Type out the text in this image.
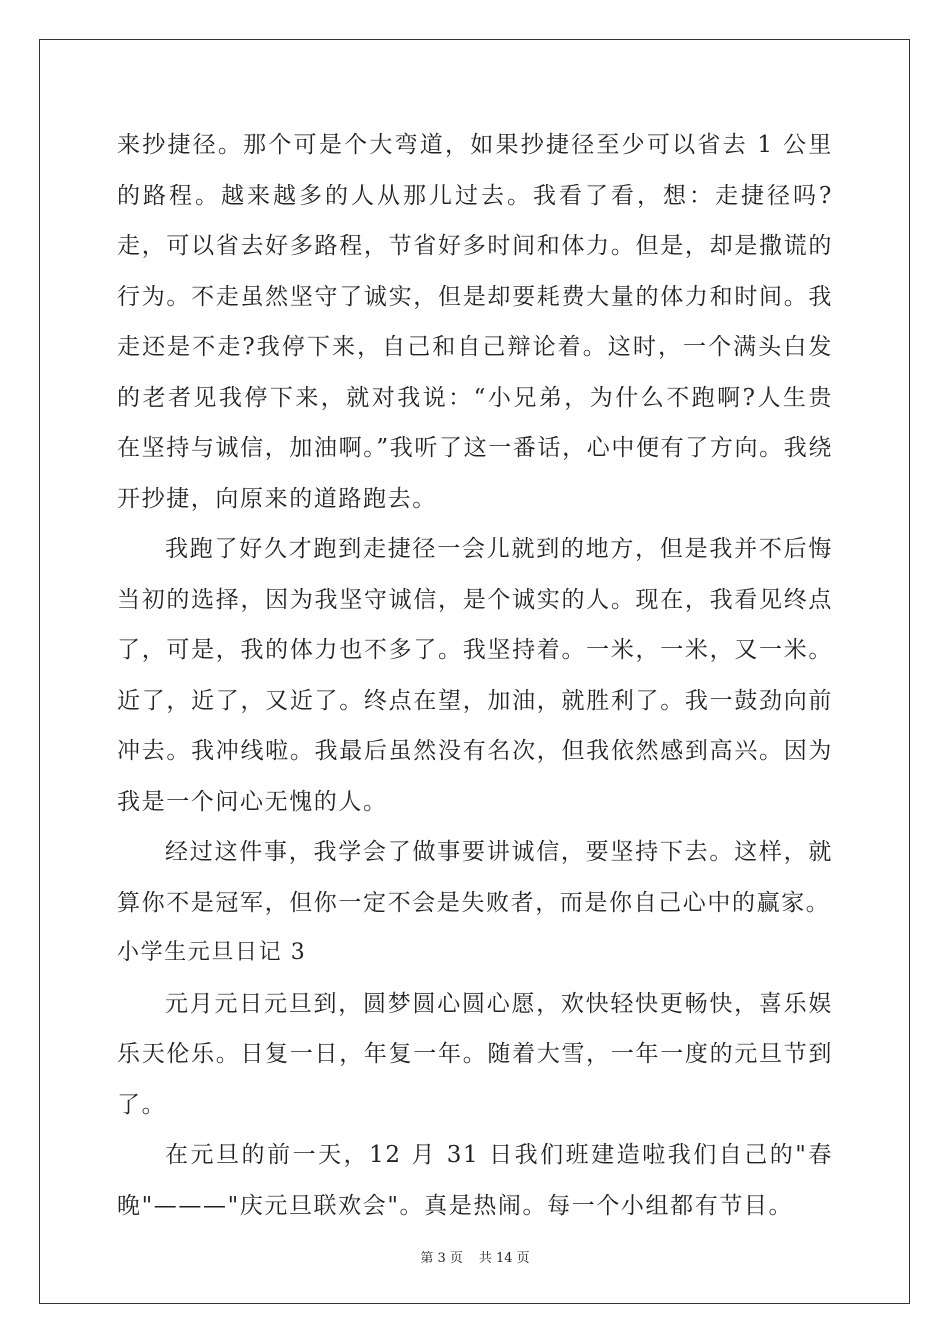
来抄捷径。那个可是个大弯道，如果抄捷径至少可以省去 1 公里的路程。越来越多的人从那儿过去。我看了看，想：走捷径吗?走，可以省去好多路程，节省好多时间和体力。但是，却是撒谎的行为。不走虽然坚守了诚实，但是却要耗费大量的体力和时间。我走还是不走?我停下来，自己和自己辩论着。这时，一个满头白发的老者见我停下来，就对我说：“小兄弟，为什么不跑啊?人生贵在坚持与诚信，加油啊。”我听了这一番话，心中便有了方向。我绕开抄捷，向原来的道路跑去。

我跑了好久才跑到走捷径一会儿就到的地方，但是我并不后悔当初的选择，因为我坚守诚信，是个诚实的人。现在，我看见终点了，可是，我的体力也不多了。我坚持着。一米，一米，又一米。近了，近了，又近了。终点在望，加油，就胜利了。我一鼓劲向前冲去。我冲线啦。我最后虽然没有名次，但我依然感到高兴。因为我是一个问心无愧的人。

经过这件事，我学会了做事要讲诚信，要坚持下去。这样，就算你不是冠军，但你一定不会是失败者，而是你自己心中的赢家。

小学生元旦日记 3

元月元日元旦到，圆梦圆心圆心愿，欢快轻快更畅快，喜乐娱乐天伦乐。日复一日，年复一年。随着大雪，一年一度的元旦节到了。

在元旦的前一天，12 月 31 日我们班建造啦我们自己的"春晚"———"庆元旦联欢会"。真是热闹。每一个小组都有节目。

第 3 页 共 14 页
